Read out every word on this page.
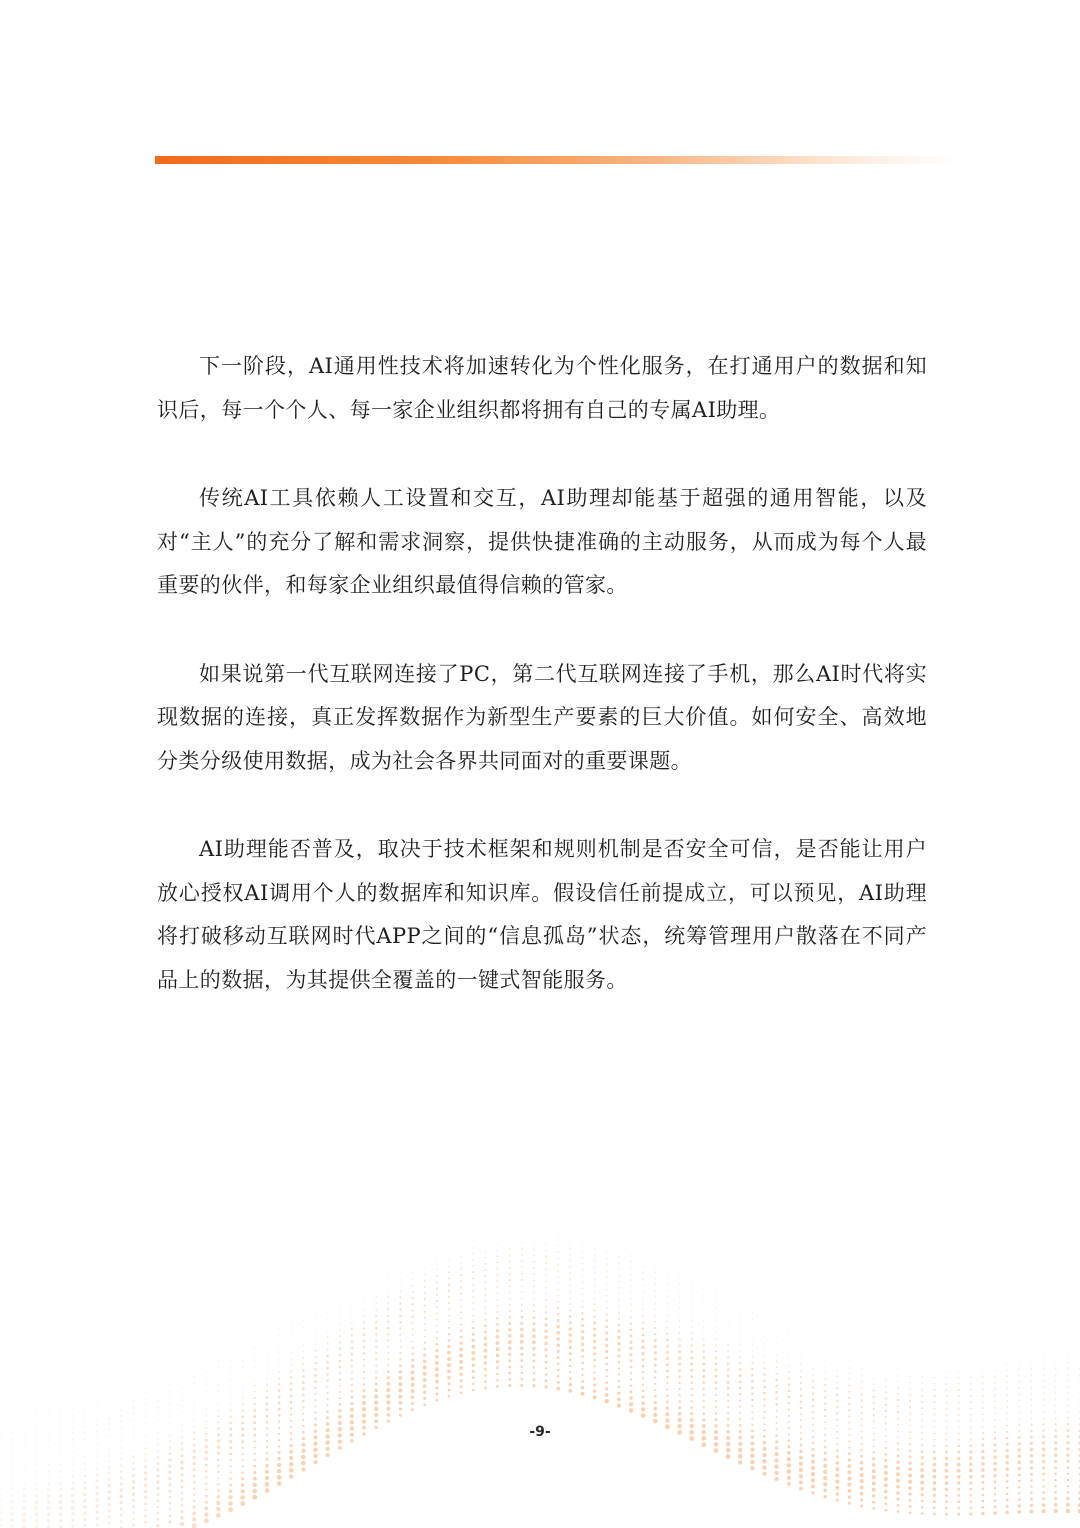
下一阶段，AI通用性技术将加速转化为个性化服务，在打通用户的数据和知识后，每一个个人、每一家企业组织都将拥有自己的专属AI助理。

传统AI工具依赖人工设置和交互，AI助理却能基于超强的通用智能，以及对“主人”的充分了解和需求洞察，提供快捷准确的主动服务，从而成为每个人最重要的伙伴，和每家企业组织最值得信赖的管家。

如果说第一代互联网连接了PC，第二代互联网连接了手机，那么AI时代将实现数据的连接，真正发挥数据作为新型生产要素的巨大价值。如何安全、高效地分类分级使用数据，成为社会各界共同面对的重要课题。

AI助理能否普及，取决于技术框架和规则机制是否安全可信，是否能让用户放心授权AI调用个人的数据库和知识库。假设信任前提成立，可以预见，AI助理将打破移动互联网时代APP之间的“信息孤岛”状态，统筹管理用户散落在不同产品上的数据，为其提供全覆盖的一键式智能服务。

-9-
